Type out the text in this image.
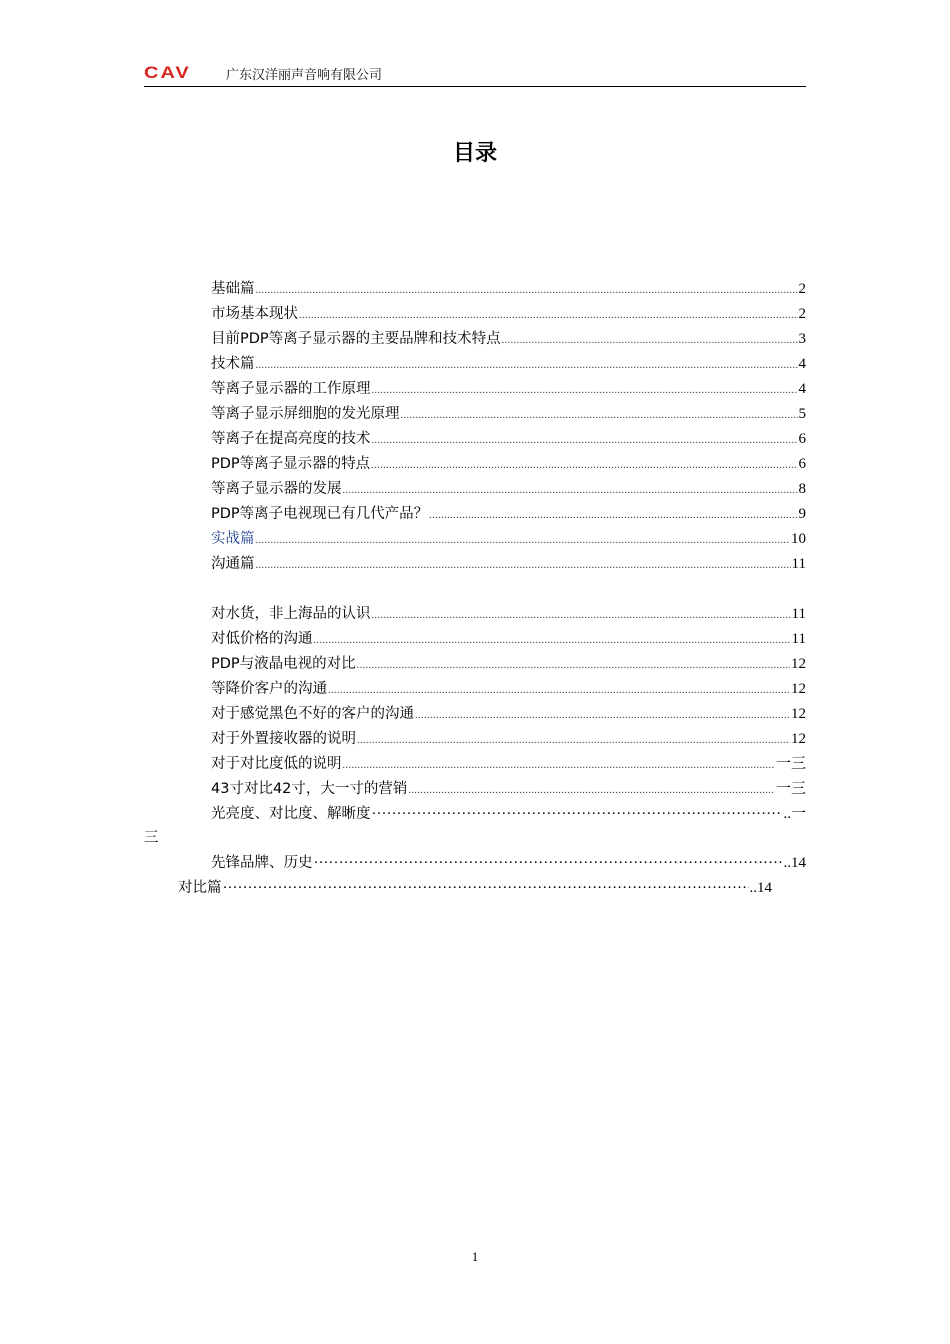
CAV	广东汉洋丽声音响有限公司
目录
基础篇 .....	2
市场基本现状 .....	2
目前PDP等离子显示器的主要品牌和技术特点 .....	3
技术篇 .....	4
等离子显示器的工作原理 .....	4
等离子显示屏细胞的发光原理 .....	5
等离子在提高亮度的技术 .....	6
PDP等离子显示器的特点 .....	6
等离子显示器的发展 .....	8
PDP等离子电视现已有几代产品？ .....	9
实战篇 .....	10
沟通篇 .....	11
对水货，非上海品的认识 .....	11
对低价格的沟通 .....	11
PDP与液晶电视的对比 .....	12
等降价客户的沟通 .....	12
对于感觉黑色不好的客户的沟通 .....	12
对于外置接收器的说明 .....	12
对于对比度低的说明 .....	一三
43寸对比42寸，大一寸的营销 .....	一三
光亮度、对比度、解晰度 ·····	..一
三
先锋品牌、历史 ·····	..14
对比篇 ·····	..14
1
